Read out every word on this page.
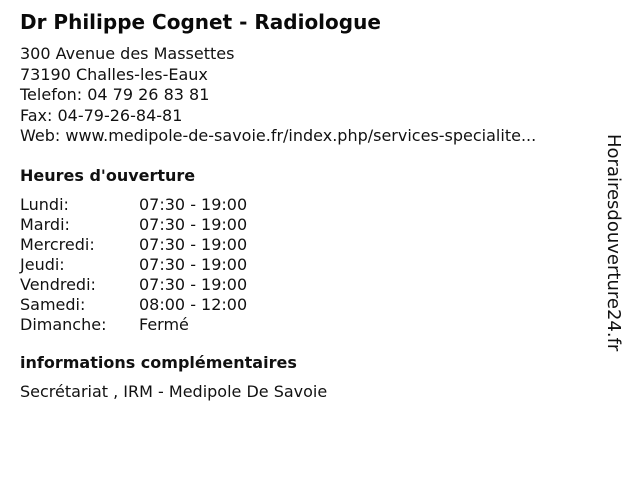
Dr Philippe Cognet - Radiologue
300 Avenue des Massettes
73190 Challes-les-Eaux
Telefon: 04 79 26 83 81
Fax: 04-79-26-84-81
Web: www.medipole-de-savoie.fr/index.php/services-specialite...
Heures d'ouverture
Lundi:	07:30 - 19:00
Mardi:	07:30 - 19:00
Mercredi:	07:30 - 19:00
Jeudi:	07:30 - 19:00
Vendredi:	07:30 - 19:00
Samedi:	08:00 - 12:00
Dimanche: Fermé
informations complémentaires
Secrétariat , IRM - Medipole De Savoie
Horairesdouverture24.fr
